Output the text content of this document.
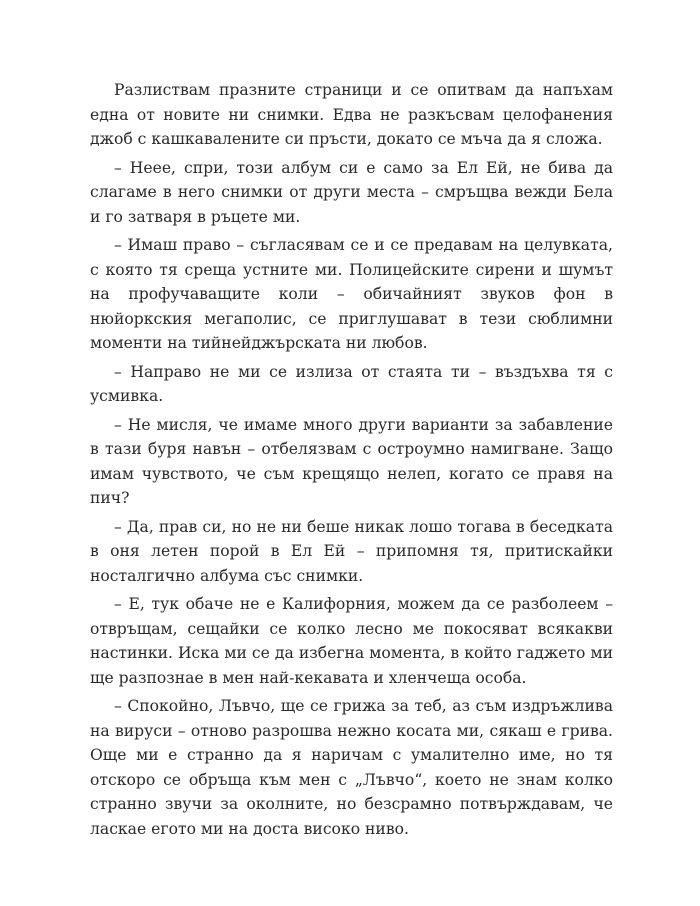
Разлиствам празните страници и се опитвам да напъхам една от новите ни снимки. Едва не разкъсвам целофанения джоб с кашкавалените си пръсти, докато се мъча да я сложа.

– Неее, спри, този албум си е само за Ел Ей, не бива да слагаме в него снимки от други места – смръщва вежди Бела и го затваря в ръцете ми.

– Имаш право – съгласявам се и се предавам на целувката, с която тя среща устните ми. Полицейските сирени и шумът на профучаващите коли – обичайният звуков фон в нюйоркския мегаполис, се приглушават в тези сюблимни моменти на тийнейджърската ни любов.

– Направо не ми се излиза от стаята ти – въздъхва тя с усмивка.

– Не мисля, че имаме много други варианти за забавление в тази буря навън – отбелязвам с остроумно намигване. Защо имам чувството, че съм крещящо нелеп, когато се правя на пич?

– Да, прав си, но не ни беше никак лошо тогава в беседката в оня летен порой в Ел Ей – припомня тя, притискайки носталгично албума със снимки.

– Е, тук обаче не е Калифорния, можем да се разболеем – отвръщам, сещайки се колко лесно ме покосяват всякакви настинки. Иска ми се да избегна момента, в който гаджето ми ще разпознае в мен най-кекавата и хленчеща особа.

– Спокойно, Лъвчо, ще се грижа за теб, аз съм издръжлива на вируси – отново разрошва нежно косата ми, сякаш е грива. Още ми е странно да я наричам с умалително име, но тя отскоро се обръща към мен с „Лъвчо“, което не знам колко странно звучи за околните, но безсрамно потвърждавам, че ласкае егото ми на доста високо ниво.
